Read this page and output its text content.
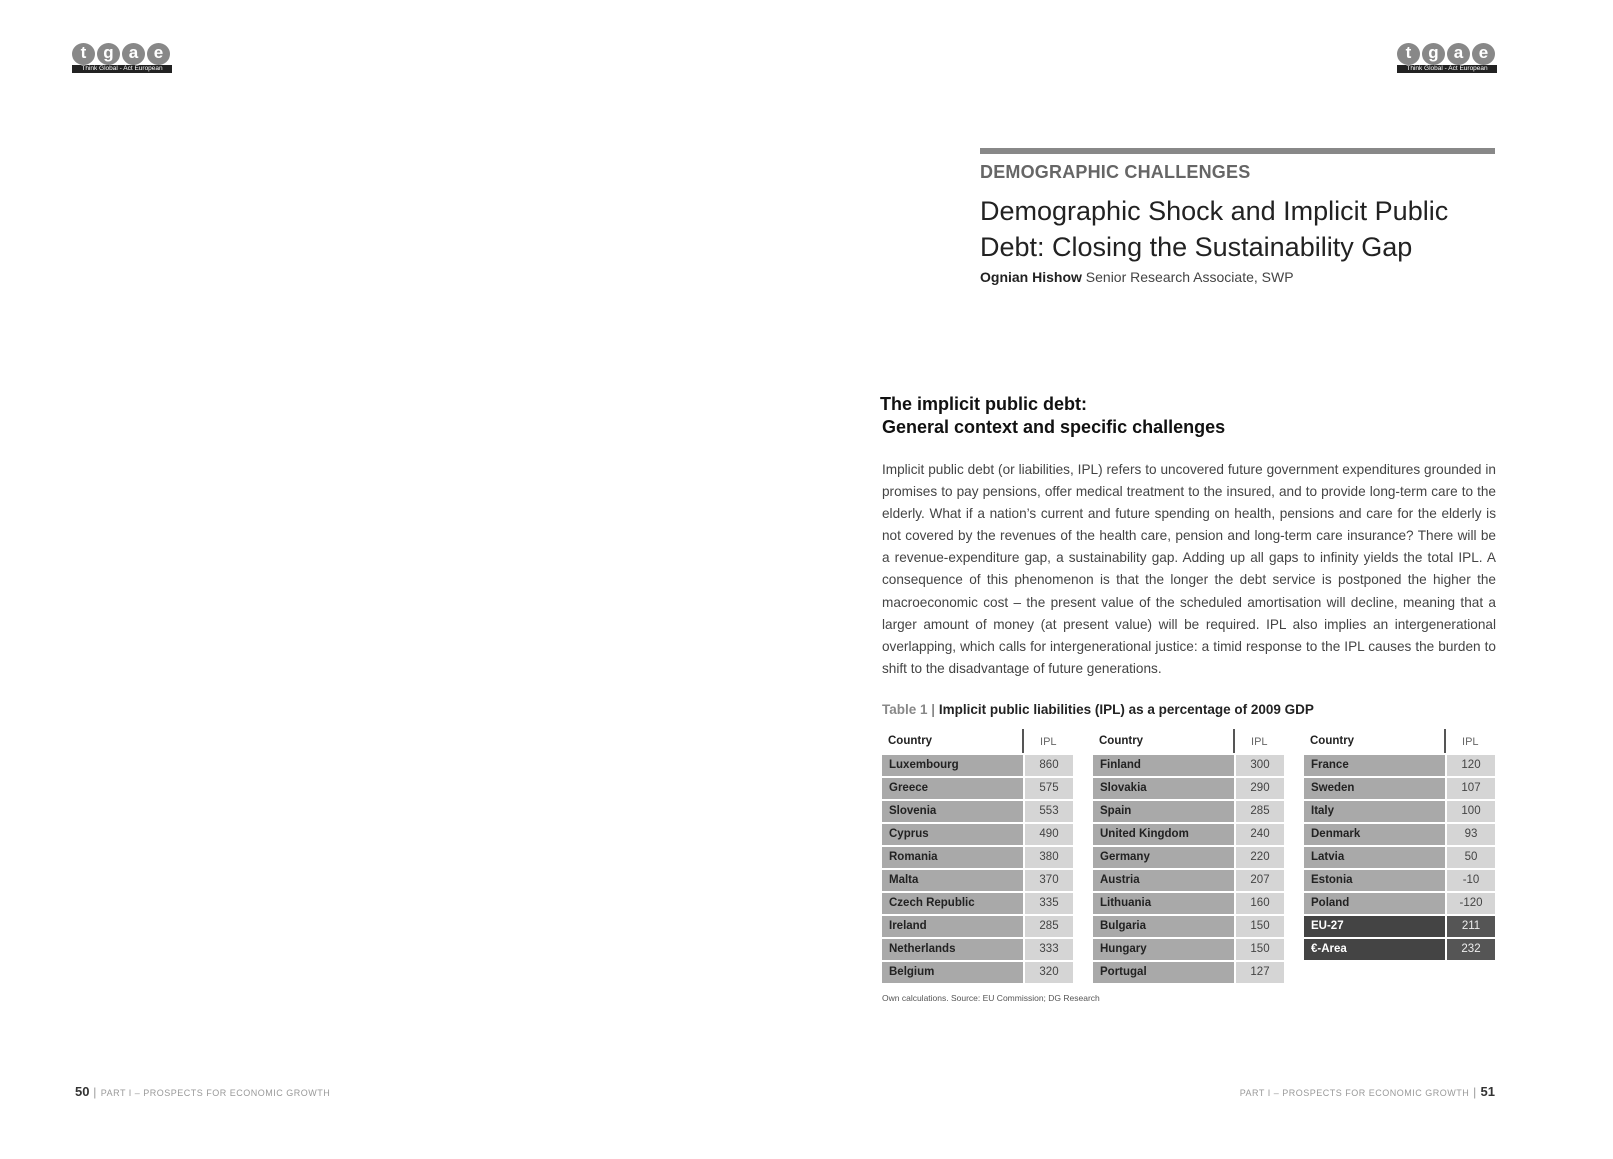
t g a e
Think Global - Act European
t g a e
Think Global - Act European
DEMOGRAPHIC CHALLENGES
Demographic Shock and Implicit Public Debt: Closing the Sustainability Gap
Ognian Hishow Senior Research Associate, SWP
The implicit public debt:
General context and specific challenges
Implicit public debt (or liabilities, IPL) refers to uncovered future government expenditures grounded in promises to pay pensions, offer medical treatment to the insured, and to provide long-term care to the elderly. What if a nation’s current and future spending on health, pensions and care for the elderly is not covered by the revenues of the health care, pension and long-term care insurance? There will be a revenue-expenditure gap, a sustainability gap. Adding up all gaps to infinity yields the total IPL. A consequence of this phenomenon is that the longer the debt service is postponed the higher the macroeconomic cost – the present value of the scheduled amortisation will decline, meaning that a larger amount of money (at present value) will be required. IPL also implies an intergenerational overlapping, which calls for intergenerational justice: a timid response to the IPL causes the burden to shift to the disadvantage of future generations.
Table 1 | Implicit public liabilities (IPL) as a percentage of 2009 GDP
Country	IPL
Luxembourg	860
Greece	575
Slovenia	553
Cyprus	490
Romania	380
Malta	370
Czech Republic	335
Ireland	285
Netherlands	333
Belgium	320
Country	IPL
Finland	300
Slovakia	290
Spain	285
United Kingdom	240
Germany	220
Austria	207
Lithuania	160
Bulgaria	150
Hungary	150
Portugal	127
Country	IPL
France	120
Sweden	107
Italy	100
Denmark	93
Latvia	50
Estonia	-10
Poland	-120
EU-27	211
€-Area	232
Own calculations. Source: EU Commission; DG Research
50 | PART I – PROSPECTS FOR ECONOMIC GROWTH	PART I – PROSPECTS FOR ECONOMIC GROWTH | 51
